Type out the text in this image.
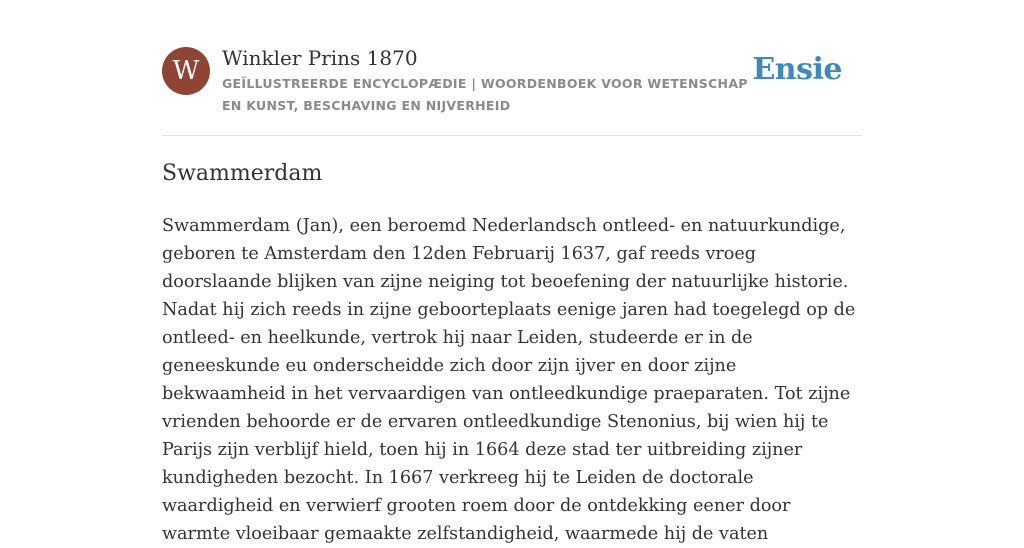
W	Winkler Prins 1870
GEÏLLUSTREERDE ENCYCLOPÆDIE | WOORDENBOEK VOOR WETENSCHAP EN KUNST, BESCHAVING EN NIJVERHEID
Ensie
Swammerdam

Swammerdam (Jan), een beroemd Nederlandsch ontleed- en natuurkundige, geboren te Amsterdam den 12den Februarij 1637, gaf reeds vroeg doorslaande blijken van zijne neiging tot beoefening der natuurlijke historie. Nadat hij zich reeds in zijne geboorteplaats eenige jaren had toegelegd op de ontleed- en heelkunde, vertrok hij naar Leiden, studeerde er in de geneeskunde eu onderscheidde zich door zijn ijver en door zijne bekwaamheid in het vervaardigen van ontleedkundige praeparaten. Tot zijne vrienden behoorde er de ervaren ontleedkundige Stenonius, bij wien hij te Parijs zijn verblijf hield, toen hij in 1664 deze stad ter uitbreiding zijner kundigheden bezocht. In 1667 verkreeg hij te Leiden de doctorale waardigheid en verwierf grooten roem door de ontdekking eener door warmte vloeibaar gemaakte zelfstandigheid, waarmede hij de vaten
